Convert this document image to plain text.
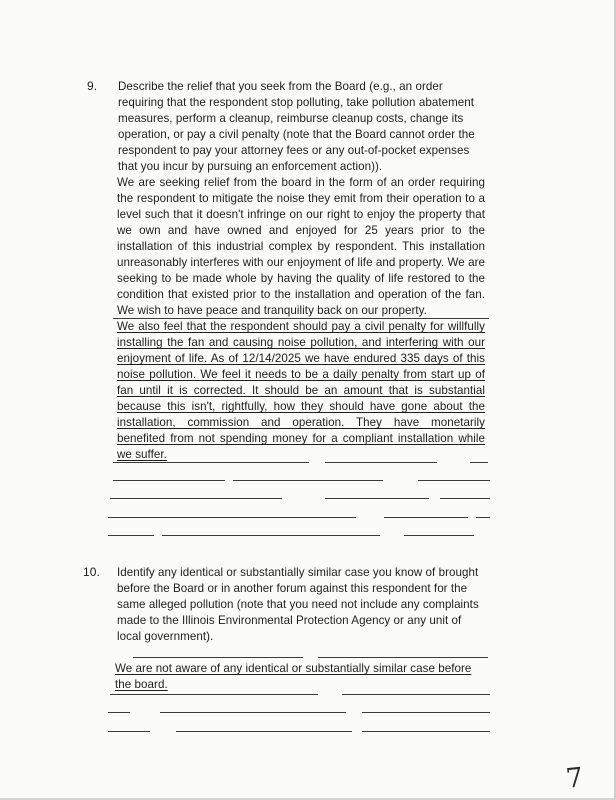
9. Describe the relief that you seek from the Board (e.g., an order requiring that the respondent stop polluting, take pollution abatement measures, perform a cleanup, reimburse cleanup costs, change its operation, or pay a civil penalty (note that the Board cannot order the respondent to pay your attorney fees or any out-of-pocket expenses that you incur by pursuing an enforcement action)).

We are seeking relief from the board in the form of an order requiring the respondent to mitigate the noise they emit from their operation to a level such that it doesn't infringe on our right to enjoy the property that we own and have owned and enjoyed for 25 years prior to the installation of this industrial complex by respondent. This installation unreasonably interferes with our enjoyment of life and property. We are seeking to be made whole by having the quality of life restored to the condition that existed prior to the installation and operation of the fan. We wish to have peace and tranquility back on our property.

We also feel that the respondent should pay a civil penalty for willfully installing the fan and causing noise pollution, and interfering with our enjoyment of life. As of 12/14/2025 we have endured 335 days of this noise pollution. We feel it needs to be a daily penalty from start up of fan until it is corrected. It should be an amount that is substantial because this isn't, rightfully, how they should have gone about the installation, commission and operation. They have monetarily benefited from not spending money for a compliant installation while we suffer.

10. Identify any identical or substantially similar case you know of brought before the Board or in another forum against this respondent for the same alleged pollution (note that you need not include any complaints made to the Illinois Environmental Protection Agency or any unit of local government).

We are not aware of any identical or substantially similar case before the board.

7
